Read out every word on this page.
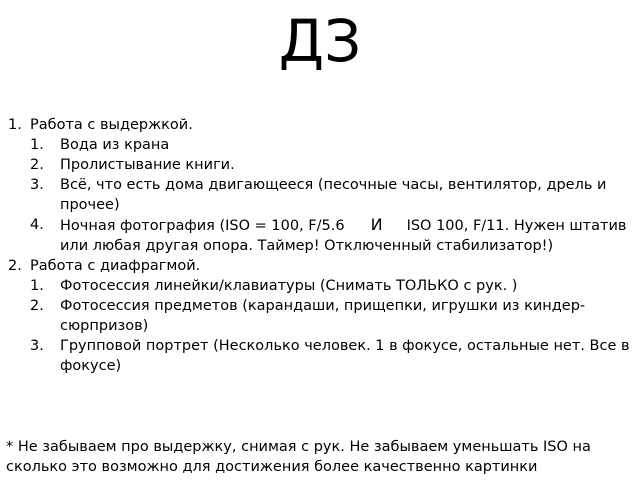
ДЗ
1. Работа с выдержкой.
1. Вода из крана
2. Пролистывание книги.
3. Всё, что есть дома двигающееся (песочные часы, вентилятор, дрель и прочее)
4. Ночная фотография (ISO = 100, F/5.6 И ISO 100, F/11. Нужен штатив или любая другая опора. Таймер! Отключенный стабилизатор!)
2. Работа с диафрагмой.
1. Фотосессия линейки/клавиатуры (Снимать ТОЛЬКО с рук. )
2. Фотосессия предметов (карандаши, прищепки, игрушки из киндер-сюрпризов)
3. Групповой портрет (Несколько человек. 1 в фокусе, остальные нет. Все в фокусе)
* Не забываем про выдержку, снимая с рук. Не забываем уменьшать ISO на сколько это возможно для достижения более качественно картинки
